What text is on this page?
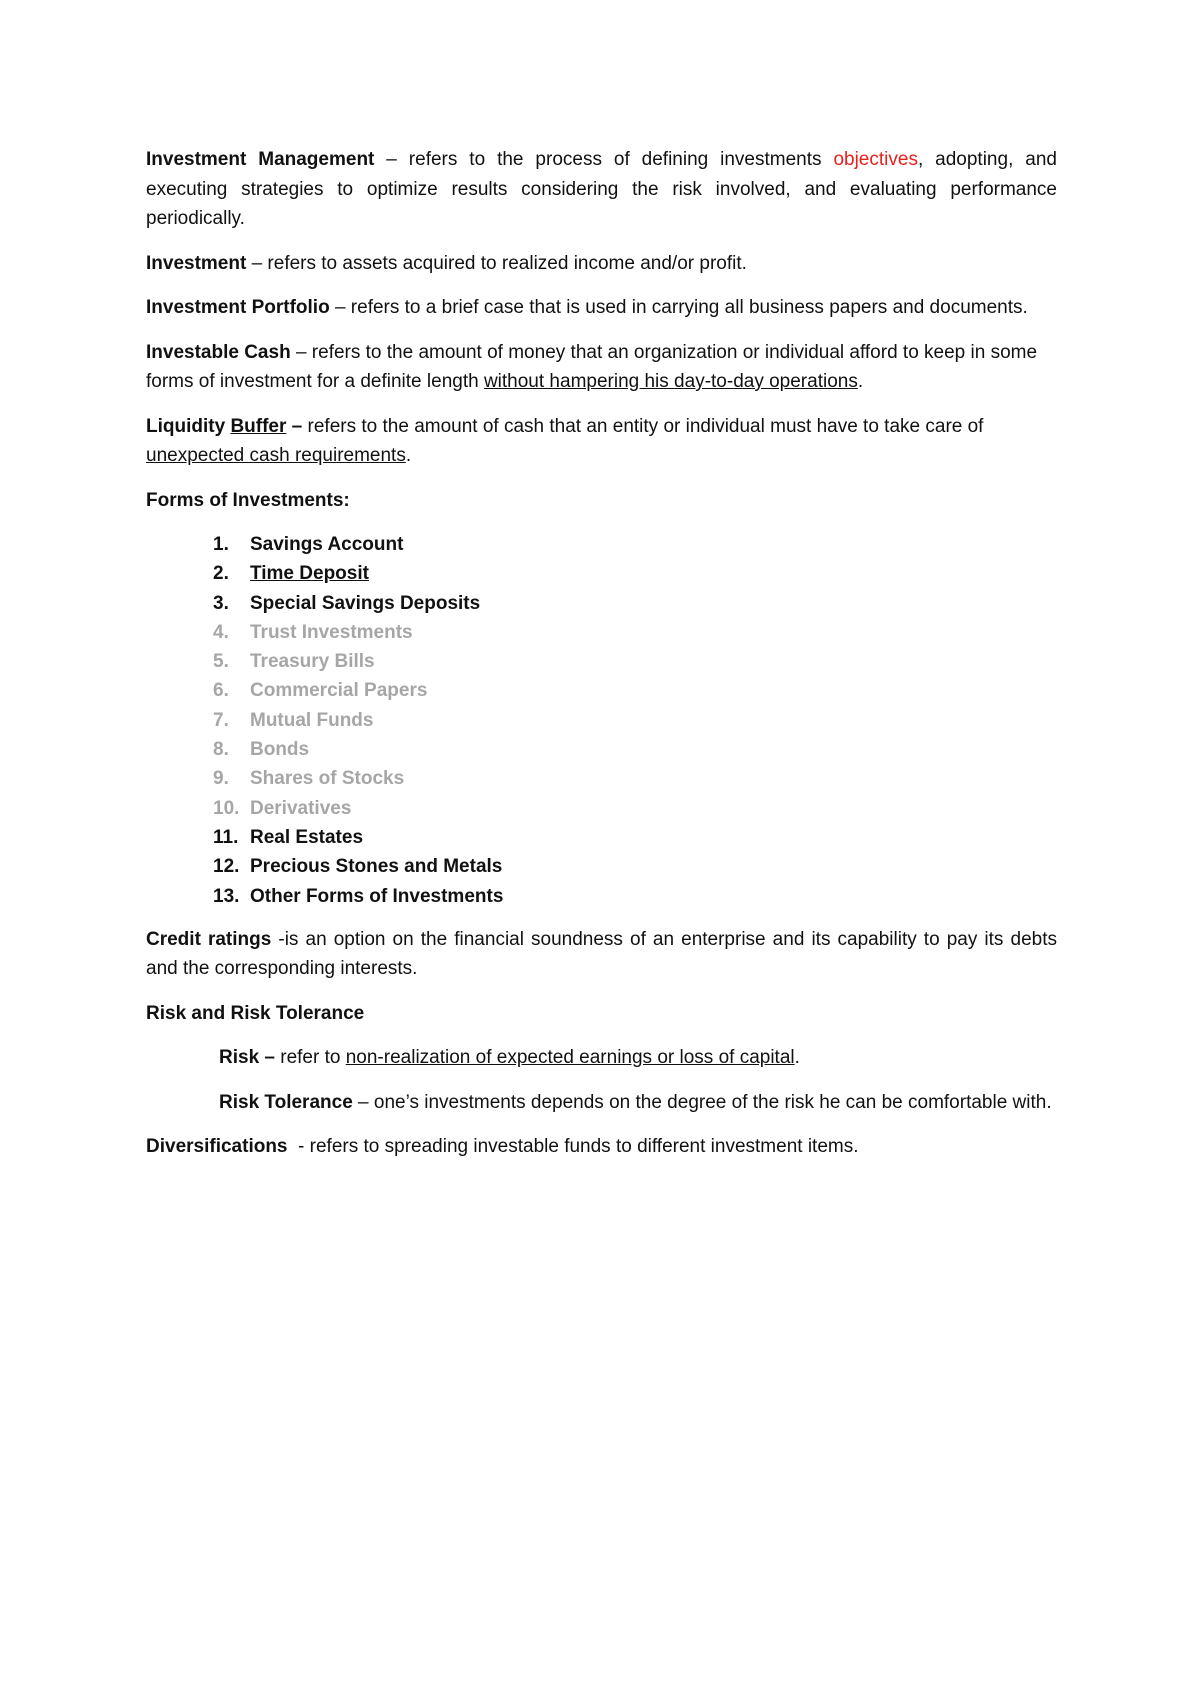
Investment Management – refers to the process of defining investments objectives, adopting, and executing strategies to optimize results considering the risk involved, and evaluating performance periodically.

Investment – refers to assets acquired to realized income and/or profit.

Investment Portfolio – refers to a brief case that is used in carrying all business papers and documents.

Investable Cash – refers to the amount of money that an organization or individual afford to keep in some forms of investment for a definite length without hampering his day-to-day operations.

Liquidity Buffer – refers to the amount of cash that an entity or individual must have to take care of unexpected cash requirements.

Forms of Investments:

1. Savings Account
2. Time Deposit
3. Special Savings Deposits
4. Trust Investments
5. Treasury Bills
6. Commercial Papers
7. Mutual Funds
8. Bonds
9. Shares of Stocks
10. Derivatives
11. Real Estates
12. Precious Stones and Metals
13. Other Forms of Investments

Credit ratings -is an option on the financial soundness of an enterprise and its capability to pay its debts and the corresponding interests.

Risk and Risk Tolerance

Risk – refer to non-realization of expected earnings or loss of capital.

Risk Tolerance – one’s investments depends on the degree of the risk he can be comfortable with.

Diversifications  - refers to spreading investable funds to different investment items.
